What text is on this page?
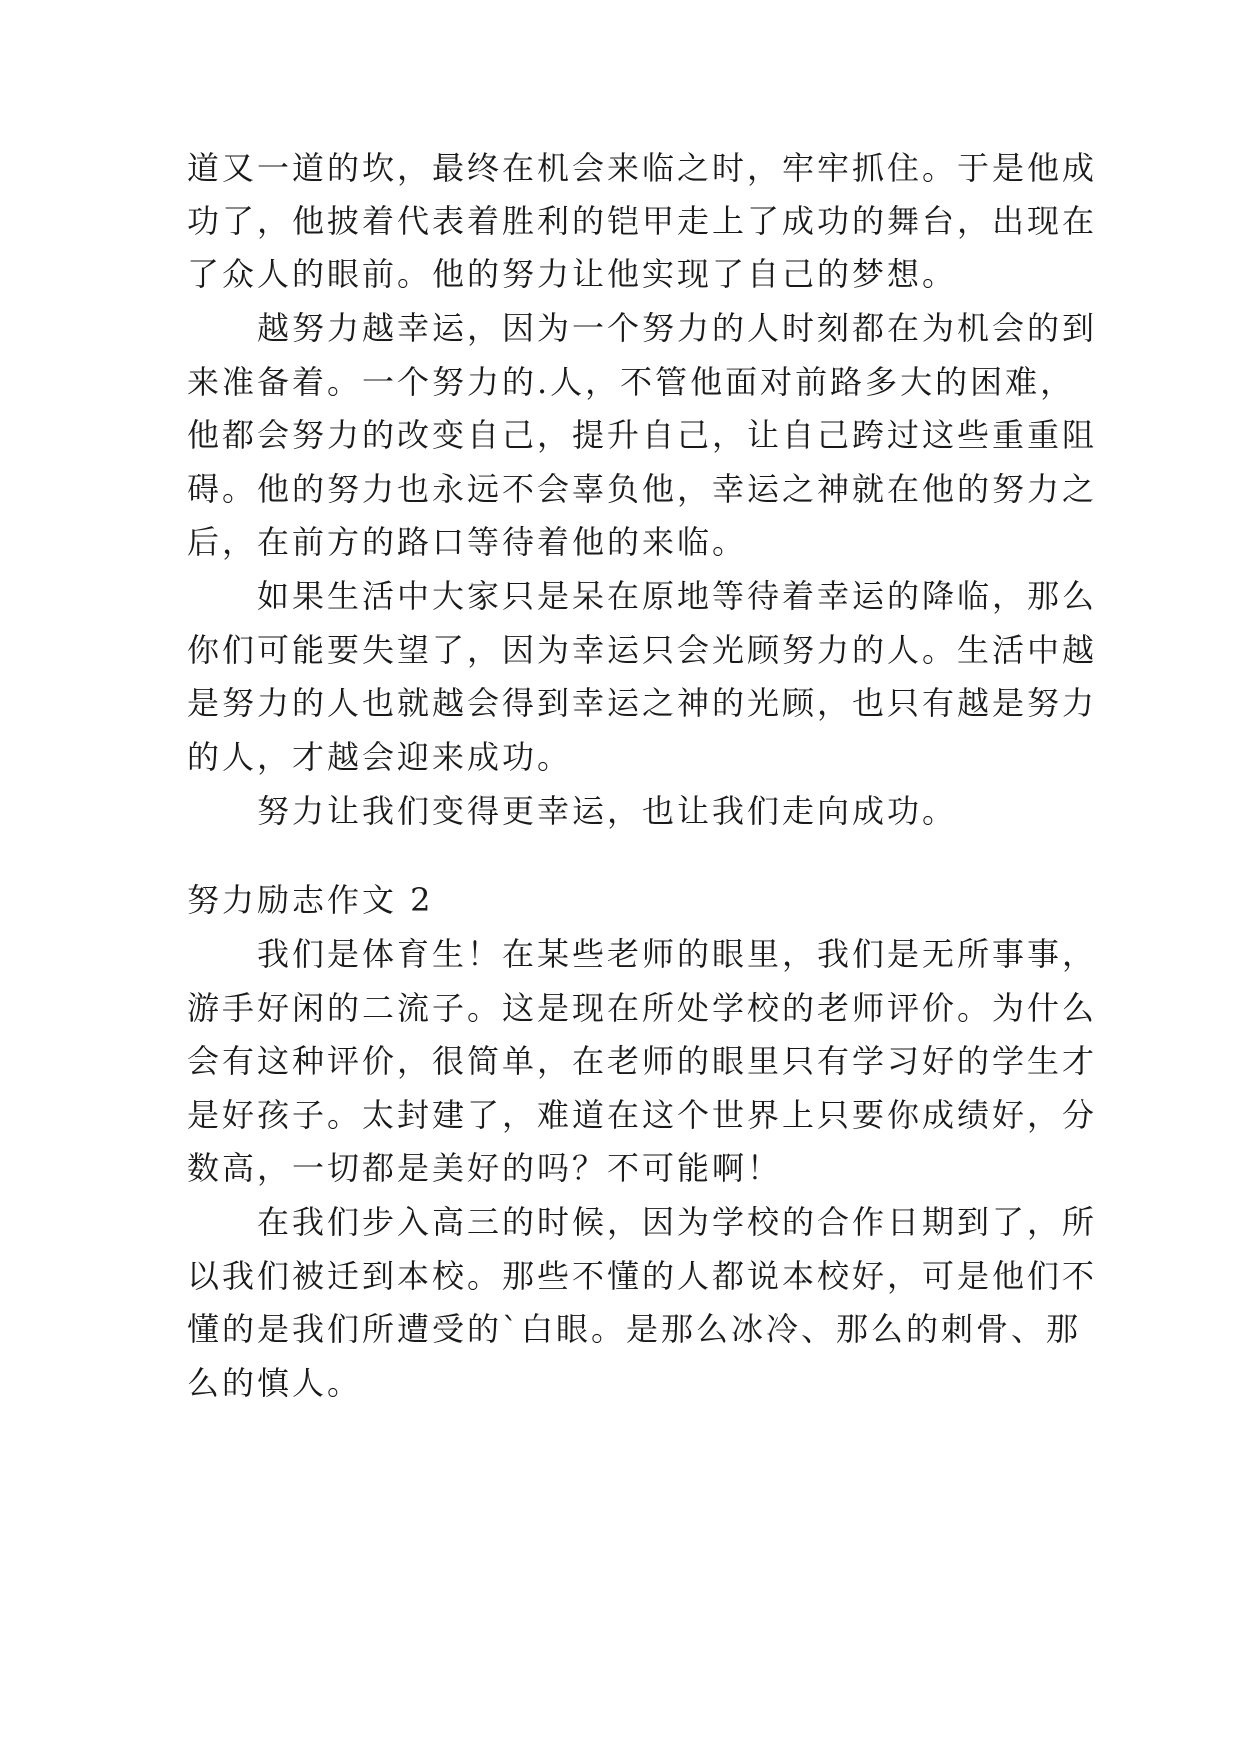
道又一道的坎，最终在机会来临之时，牢牢抓住。于是他成
功了，他披着代表着胜利的铠甲走上了成功的舞台，出现在
了众人的眼前。他的努力让他实现了自己的梦想。
越努力越幸运，因为一个努力的人时刻都在为机会的到
来准备着。一个努力的.人，不管他面对前路多大的困难，
他都会努力的改变自己，提升自己，让自己跨过这些重重阻
碍。他的努力也永远不会辜负他，幸运之神就在他的努力之
后，在前方的路口等待着他的来临。
如果生活中大家只是呆在原地等待着幸运的降临，那么
你们可能要失望了，因为幸运只会光顾努力的人。生活中越
是努力的人也就越会得到幸运之神的光顾，也只有越是努力
的人，才越会迎来成功。
努力让我们变得更幸运，也让我们走向成功。
努力励志作文 2
我们是体育生！在某些老师的眼里，我们是无所事事，
游手好闲的二流子。这是现在所处学校的老师评价。为什么
会有这种评价，很简单，在老师的眼里只有学习好的学生才
是好孩子。太封建了，难道在这个世界上只要你成绩好，分
数高，一切都是美好的吗？不可能啊！
在我们步入高三的时候，因为学校的合作日期到了，所
以我们被迁到本校。那些不懂的人都说本校好，可是他们不
懂的是我们所遭受的`白眼。是那么冰冷、那么的刺骨、那
么的慎人。
